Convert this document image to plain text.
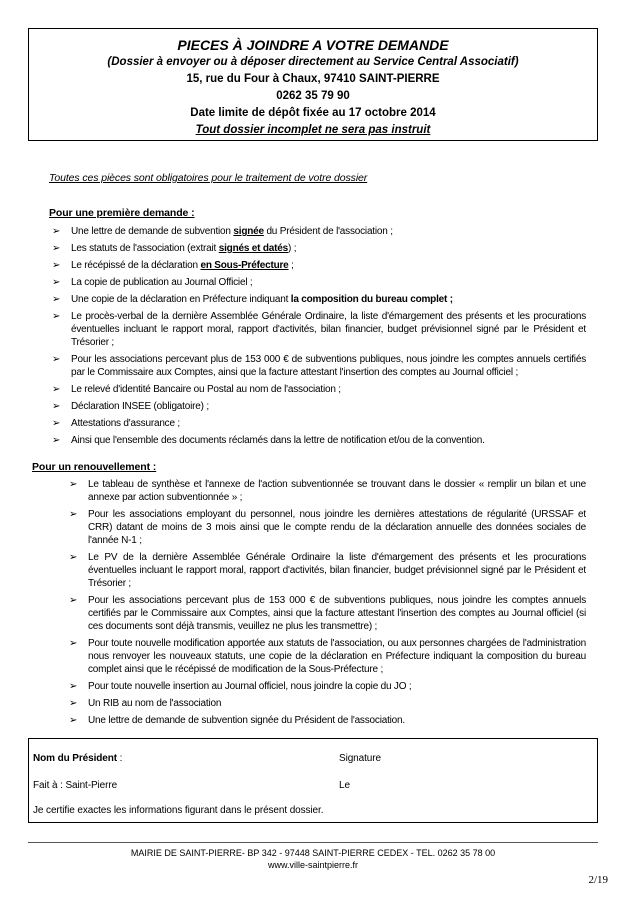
PIECES À JOINDRE A VOTRE DEMANDE
(Dossier à envoyer ou à déposer directement au Service Central Associatif)
15, rue du Four à Chaux, 97410 SAINT-PIERRE
0262 35 79 90
Date limite de dépôt fixée au 17 octobre 2014
Tout dossier incomplet ne sera pas instruit
Toutes ces pièces sont obligatoires pour le traitement de votre dossier
Pour une première demande :
➢ Une lettre de demande de subvention signée du Président de l'association ;
➢ Les statuts de l'association (extrait signés et datés) ;
➢ Le récépissé de la déclaration en Sous-Préfecture ;
➢ La copie de publication au Journal Officiel ;
➢ Une copie de la déclaration en Préfecture indiquant la composition du bureau complet ;
➢ Le procès-verbal de la dernière Assemblée Générale Ordinaire, la liste d'émargement des présents et les procurations éventuelles incluant le rapport moral, rapport d'activités, bilan financier, budget prévisionnel signé par le Président et Trésorier ;
➢ Pour les associations percevant plus de 153 000 € de subventions publiques, nous joindre les comptes annuels certifiés par le Commissaire aux Comptes, ainsi que la facture attestant l'insertion des comptes au Journal officiel ;
➢ Le relevé d'identité Bancaire ou Postal au nom de l'association ;
➢ Déclaration INSEE (obligatoire) ;
➢ Attestations d'assurance ;
➢ Ainsi que l'ensemble des documents réclamés dans la lettre de notification et/ou de la convention.
Pour un renouvellement :
➢ Le tableau de synthèse et l'annexe de l'action subventionnée se trouvant dans le dossier « remplir un bilan et une annexe par action subventionnée » ;
➢ Pour les associations employant du personnel, nous joindre les dernières attestations de régularité (URSSAF et CRR) datant de moins de 3 mois ainsi que le compte rendu de la déclaration annuelle des données sociales de l'année N-1 ;
➢ Le PV de la dernière Assemblée Générale Ordinaire la liste d'émargement des présents et les procurations éventuelles incluant le rapport moral, rapport d'activités, bilan financier, budget prévisionnel signé par le Président et Trésorier ;
➢ Pour les associations percevant plus de 153 000 € de subventions publiques, nous joindre les comptes annuels certifiés par le Commissaire aux Comptes, ainsi que la facture attestant l'insertion des comptes au Journal officiel (si ces documents sont déjà transmis, veuillez ne plus les transmettre) ;
➢ Pour toute nouvelle modification apportée aux statuts de l'association, ou aux personnes chargées de l'administration nous renvoyer les nouveaux statuts, une copie de la déclaration en Préfecture indiquant la composition du bureau complet ainsi que le récépissé de modification de la Sous-Préfecture ;
➢ Pour toute nouvelle insertion au Journal officiel, nous joindre la copie du JO ;
➢ Un RIB au nom de l'association
➢ Une lettre de demande de subvention signée du Président de l'association.
Nom du Président :	Signature
Fait à : Saint-Pierre	Le
Je certifie exactes les informations figurant dans le présent dossier.
MAIRIE DE SAINT-PIERRE- BP 342 - 97448 SAINT-PIERRE CEDEX - TEL. 0262 35 78 00
www.ville-saintpierre.fr
2/19
